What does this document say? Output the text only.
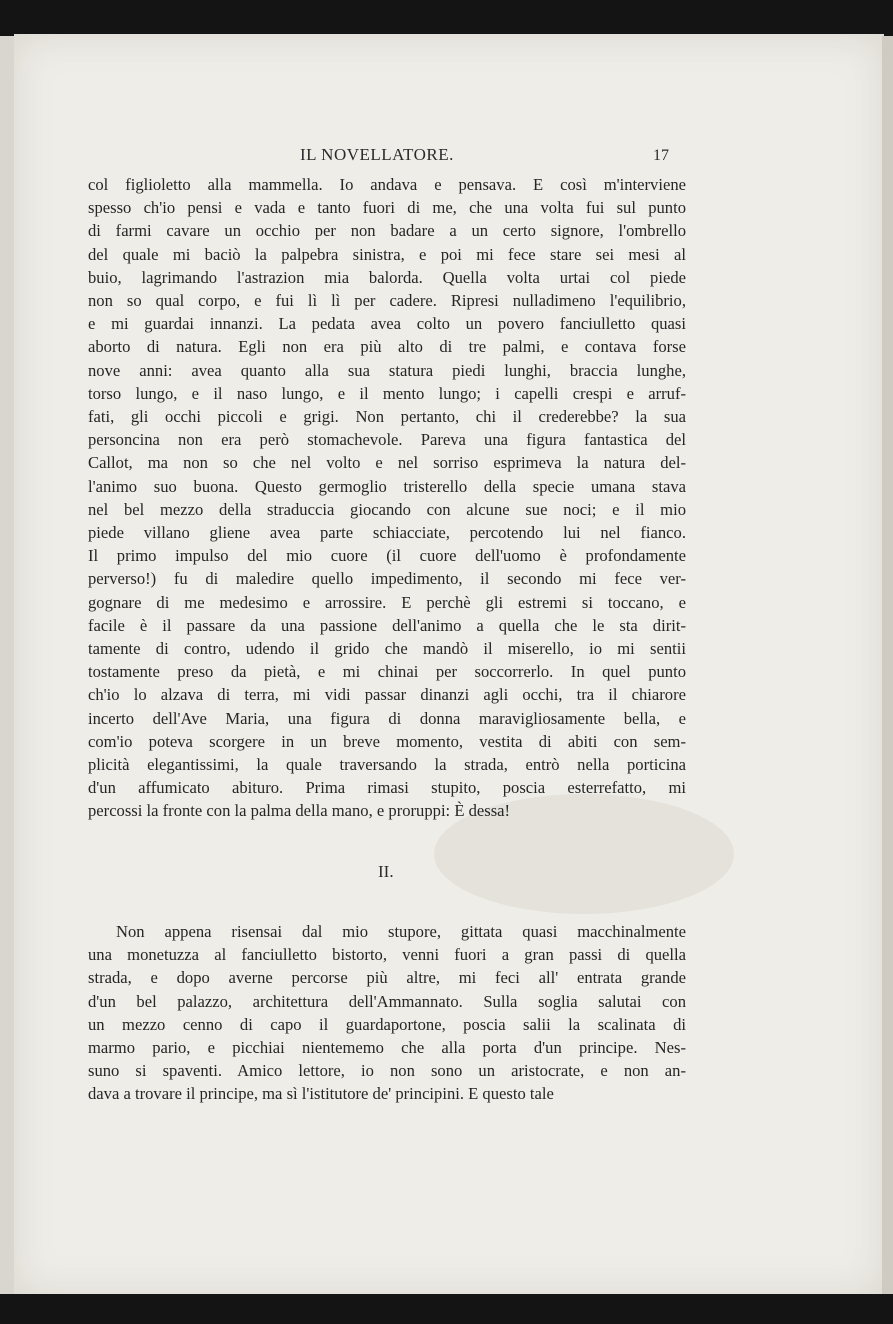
IL NOVELLATORE.	17

col figlioletto alla mammella. Io andava e pensava. E così m'interviene
spesso ch'io pensi e vada e tanto fuori di me, che una volta fui sul punto
di farmi cavare un occhio per non badare a un certo signore, l'ombrello
del quale mi baciò la palpebra sinistra, e poi mi fece stare sei mesi al
buio, lagrimando l'astrazion mia balorda. Quella volta urtai col piede
non so qual corpo, e fui lì lì per cadere. Ripresi nulladimeno l'equilibrio,
e mi guardai innanzi. La pedata avea colto un povero fanciulletto quasi
aborto di natura. Egli non era più alto di tre palmi, e contava forse
nove anni: avea quanto alla sua statura piedi lunghi, braccia lunghe,
torso lungo, e il naso lungo, e il mento lungo; i capelli crespi e arruf-
fati, gli occhi piccoli e grigi. Non pertanto, chi il crederebbe? la sua
personcina non era però stomachevole. Pareva una figura fantastica del
Callot, ma non so che nel volto e nel sorriso esprimeva la natura del-
l'animo suo buona. Questo germoglio tristerello della specie umana stava
nel bel mezzo della straduccia giocando con alcune sue noci; e il mio
piede villano gliene avea parte schiacciate, percotendo lui nel fianco.
Il primo impulso del mio cuore (il cuore dell'uomo è profondamente
perverso!) fu di maledire quello impedimento, il secondo mi fece ver-
gognare di me medesimo e arrossire. E perchè gli estremi si toccano, e
facile è il passare da una passione dell'animo a quella che le sta dirit-
tamente di contro, udendo il grido che mandò il miserello, io mi sentii
tostamente preso da pietà, e mi chinai per soccorrerlo. In quel punto
ch'io lo alzava di terra, mi vidi passar dinanzi agli occhi, tra il chiarore
incerto dell'Ave Maria, una figura di donna maravigliosamente bella, e
com'io poteva scorgere in un breve momento, vestita di abiti con sem-
plicità elegantissimi, la quale traversando la strada, entrò nella porticina
d'un affumicato abituro. Prima rimasi stupito, poscia esterrefatto, mi
percossi la fronte con la palma della mano, e proruppi: È dessa!

II.

Non appena risensai dal mio stupore, gittata quasi macchinalmente
una monetuzza al fanciulletto bistorto, venni fuori a gran passi di quella
strada, e dopo averne percorse più altre, mi feci all' entrata grande
d'un bel palazzo, architettura dell'Ammannato. Sulla soglia salutai con
un mezzo cenno di capo il guardaportone, poscia salii la scalinata di
marmo pario, e picchiai nientememo che alla porta d'un principe. Nes-
suno si spaventi. Amico lettore, io non sono un aristocrate, e non an-
dava a trovare il principe, ma sì l'istitutore de' principini. E questo tale
